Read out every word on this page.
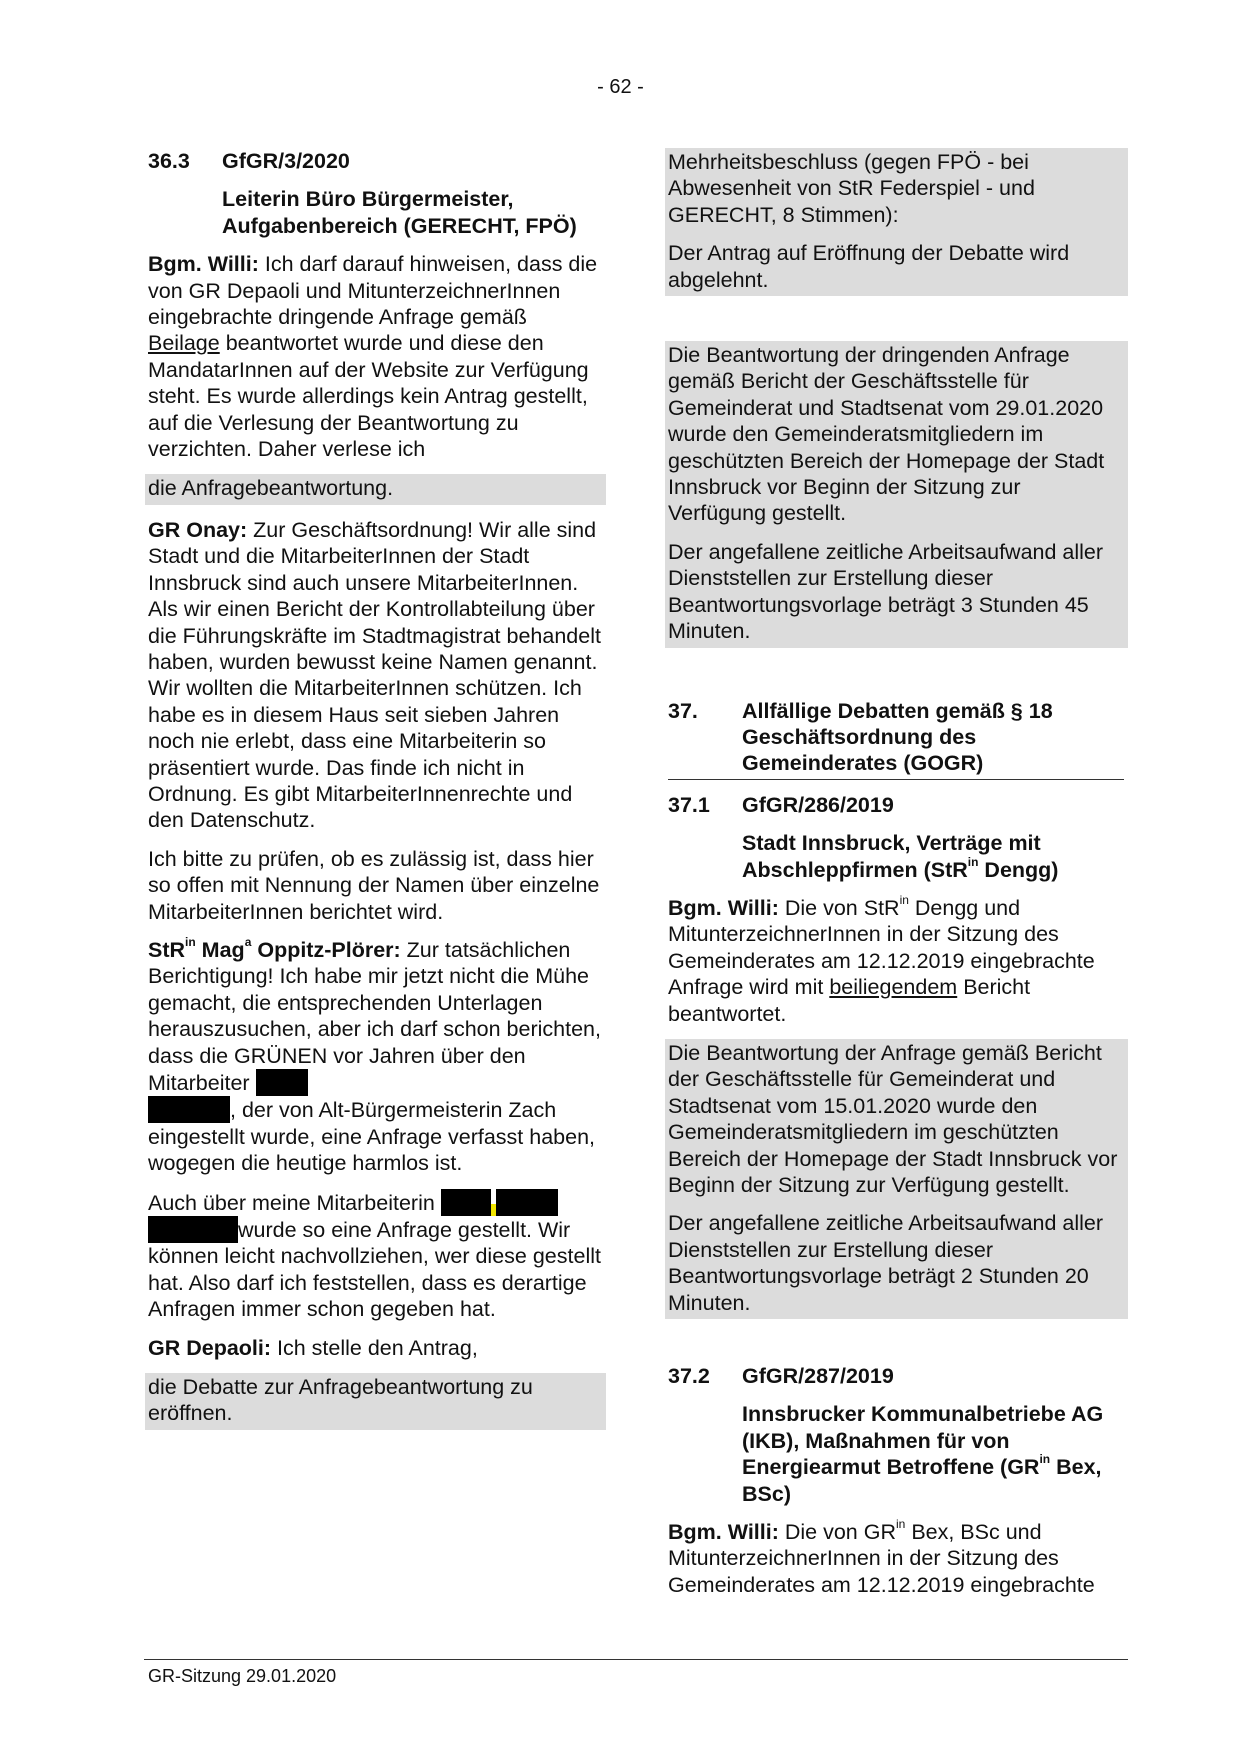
- 62 -
36.3	GfGR/3/2020
Leiterin Büro Bürgermeister, Aufgabenbereich (GERECHT, FPÖ)

Bgm. Willi: Ich darf darauf hinweisen, dass die von GR Depaoli und MitunterzeichnerInnen eingebrachte dringende Anfrage gemäß Beilage beantwortet wurde und diese den MandatarInnen auf der Website zur Verfügung steht. Es wurde allerdings kein Antrag gestellt, auf die Verlesung der Beantwortung zu verzichten. Daher verlese ich

die Anfragebeantwortung.

GR Onay: Zur Geschäftsordnung! Wir alle sind Stadt und die MitarbeiterInnen der Stadt Innsbruck sind auch unsere MitarbeiterInnen. Als wir einen Bericht der Kontrollabteilung über die Führungskräfte im Stadtmagistrat behandelt haben, wurden bewusst keine Namen genannt. Wir wollten die MitarbeiterInnen schützen. Ich habe es in diesem Haus seit sieben Jahren noch nie erlebt, dass eine Mitarbeiterin so präsentiert wurde. Das finde ich nicht in Ordnung. Es gibt MitarbeiterInnenrechte und den Datenschutz.

Ich bitte zu prüfen, ob es zulässig ist, dass hier so offen mit Nennung der Namen über einzelne MitarbeiterInnen berichtet wird.

StR$^{in}$ Mag$^a$ Oppitz-Plörer: Zur tatsächlichen Berichtigung! Ich habe mir jetzt nicht die Mühe gemacht, die entsprechenden Unterlagen herauszusuchen, aber ich darf schon berichten, dass die GRÜNEN vor Jahren über den Mitarbeiter
, der von Alt-Bürgermeisterin Zach eingestellt wurde, eine Anfrage verfasst haben, wogegen die heutige harmlos ist.

Auch über meine Mitarbeiterin
wurde so eine Anfrage gestellt. Wir können leicht nachvollziehen, wer diese gestellt hat. Also darf ich feststellen, dass es derartige Anfragen immer schon gegeben hat.

GR Depaoli: Ich stelle den Antrag,

die Debatte zur Anfragebeantwortung zu eröffnen.

Mehrheitsbeschluss (gegen FPÖ - bei Abwesenheit von StR Federspiel - und GERECHT, 8 Stimmen):

Der Antrag auf Eröffnung der Debatte wird abgelehnt.

Die Beantwortung der dringenden Anfrage gemäß Bericht der Geschäftsstelle für Gemeinderat und Stadtsenat vom 29.01.2020 wurde den Gemeinderatsmitgliedern im geschützten Bereich der Homepage der Stadt Innsbruck vor Beginn der Sitzung zur Verfügung gestellt.

Der angefallene zeitliche Arbeitsaufwand aller Dienststellen zur Erstellung dieser Beantwortungsvorlage beträgt 3 Stunden 45 Minuten.

37.	Allfällige Debatten gemäß § 18 Geschäftsordnung des Gemeinderates (GOGR)
37.1	GfGR/286/2019
Stadt Innsbruck, Verträge mit Abschleppfirmen (StR$^{in}$ Dengg)

Bgm. Willi: Die von StR$^{in}$ Dengg und MitunterzeichnerInnen in der Sitzung des Gemeinderates am 12.12.2019 eingebrachte Anfrage wird mit beiliegendem Bericht beantwortet.

Die Beantwortung der Anfrage gemäß Bericht der Geschäftsstelle für Gemeinderat und Stadtsenat vom 15.01.2020 wurde den Gemeinderatsmitgliedern im geschützten Bereich der Homepage der Stadt Innsbruck vor Beginn der Sitzung zur Verfügung gestellt.

Der angefallene zeitliche Arbeitsaufwand aller Dienststellen zur Erstellung dieser Beantwortungsvorlage beträgt 2 Stunden 20 Minuten.

37.2	GfGR/287/2019
Innsbrucker Kommunalbetriebe AG (IKB), Maßnahmen für von Energiearmut Betroffene ($GR^{in}$ Bex, BSc)

Bgm. Willi: Die von $GR^{in}$ Bex, BSc und MitunterzeichnerInnen in der Sitzung des Gemeinderates am 12.12.2019 eingebrachte

GR-Sitzung 29.01.2020
